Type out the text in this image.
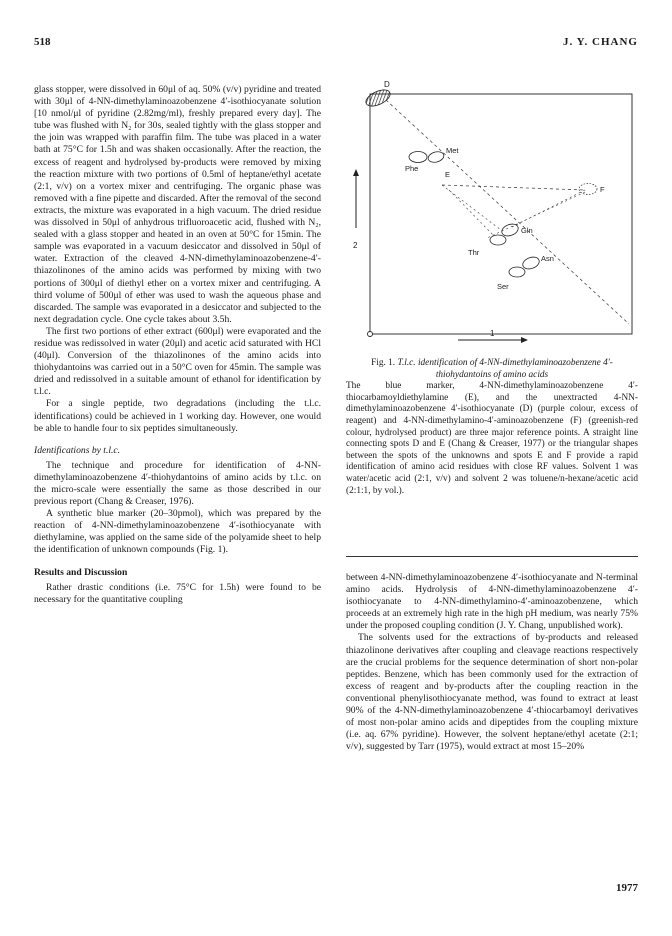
518	J. Y. CHANG

glass stopper, were dissolved in 60μl of aq. 50% (v/v) pyridine and treated with 30μl of 4-NN-dimethylaminoazobenzene 4′-isothiocyanate solution [10 nmol/μl of pyridine (2.82mg/ml), freshly prepared every day]. The tube was flushed with N₂ for 30s, sealed tightly with the glass stopper and the join was wrapped with paraffin film. The tube was placed in a water bath at 75°C for 1.5h and was shaken occasionally. After the reaction, the excess of reagent and hydrolysed by-products were removed by mixing the reaction mixture with two portions of 0.5ml of heptane/ethyl acetate (2:1, v/v) on a vortex mixer and centrifuging. The organic phase was removed with a fine pipette and discarded. After the removal of the second extracts, the mixture was evaporated in a high vacuum. The dried residue was dissolved in 50μl of anhydrous trifluoroacetic acid, flushed with N₂, sealed with a glass stopper and heated in an oven at 50°C for 15min. The sample was evaporated in a vacuum desiccator and dissolved in 50μl of water. Extraction of the cleaved 4-NN-dimethylaminoazobenzene-4′-thiazolinones of the amino acids was performed by mixing with two portions of 300μl of diethyl ether on a vortex mixer and centrifuging. A third volume of 500μl of ether was used to wash the aqueous phase and discarded. The sample was evaporated in a desiccator and subjected to the next degradation cycle. One cycle takes about 3.5h.

The first two portions of ether extract (600μl) were evaporated and the residue was redissolved in water (20μl) and acetic acid saturated with HCl (40μl). Conversion of the thiazolinones of the amino acids into thiohydantoins was carried out in a 50°C oven for 45min. The sample was dried and redissolved in a suitable amount of ethanol for identification by t.l.c.

For a single peptide, two degradations (including the t.l.c. identifications) could be achieved in 1 working day. However, one would be able to handle four to six peptides simultaneously.

Identifications by t.l.c.

The technique and procedure for identification of 4-NN-dimethylaminoazobenzene 4′-thiohydantoins of amino acids by t.l.c. on the micro-scale were essentially the same as those described in our previous report (Chang & Creaser, 1976).

A synthetic blue marker (20–30pmol), which was prepared by the reaction of 4-NN-dimethylaminoazobenzene 4′-isothiocyanate with diethylamine, was applied on the same side of the polyamide sheet to help the identification of unknown compounds (Fig. 1).

Results and Discussion

Rather drastic conditions (i.e. 75°C for 1.5h) were found to be necessary for the quantitative coupling

D
Met
Phe
E
F
Gln
Thr
Asn
Ser
2
1

Fig. 1. T.l.c. identification of 4-NN-dimethylaminoazobenzene 4′-thiohydantoins of amino acids

The blue marker, 4-NN-dimethylaminoazobenzene 4′-thiocarbamoyldiethylamine (E), and the unextracted 4-NN-dimethylaminoazobenzene 4′-isothiocyanate (D) (purple colour, excess of reagent) and 4-NN-dimethylamino-4′-aminoazobenzene (F) (greenish-red colour, hydrolysed product) are three major reference points. A straight line connecting spots D and E (Chang & Creaser, 1977) or the triangular shapes between the spots of the unknowns and spots E and F provide a rapid identification of amino acid residues with close RF values. Solvent 1 was water/acetic acid (2:1, v/v) and solvent 2 was toluene/n-hexane/acetic acid (2:1:1, by vol.).

between 4-NN-dimethylaminoazobenzene 4′-isothiocyanate and N-terminal amino acids. Hydrolysis of 4-NN-dimethylaminoazobenzene 4′-isothiocyanate to 4-NN-dimethylamino-4′-aminoazobenzene, which proceeds at an extremely high rate in the high pH medium, was nearly 75% under the proposed coupling condition (J. Y. Chang, unpublished work).

The solvents used for the extractions of by-products and released thiazolinone derivatives after coupling and cleavage reactions respectively are the crucial problems for the sequence determination of short non-polar peptides. Benzene, which has been commonly used for the extraction of excess of reagent and by-products after the coupling reaction in the conventional phenylisothiocyanate method, was found to extract at least 90% of the 4-NN-dimethylaminoazobenzene 4′-thiocarbamoyl derivatives of most non-polar amino acids and dipeptides from the coupling mixture (i.e. aq. 67% pyridine). However, the solvent heptane/ethyl acetate (2:1; v/v), suggested by Tarr (1975), would extract at most 15–20%

1977
